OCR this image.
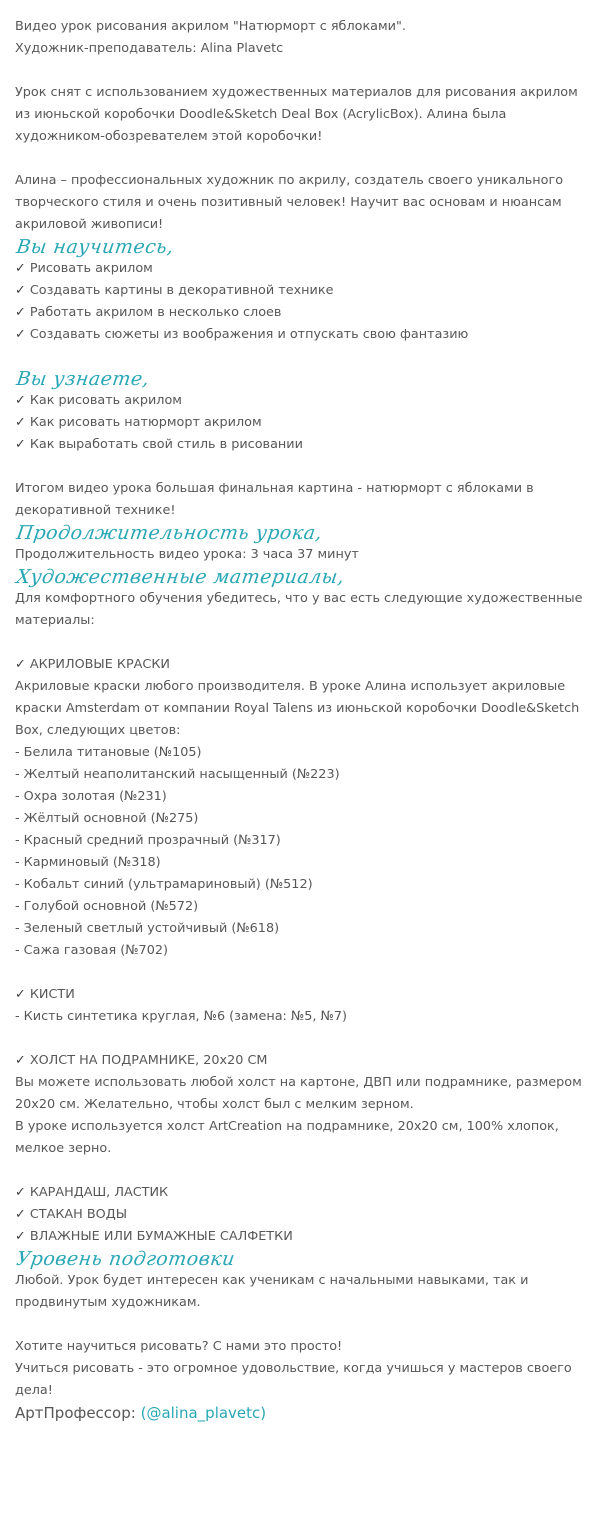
Видео урок рисования акрилом "Натюрморт с яблоками".
Художник-преподаватель: Alina Plavetc
Урок снят с использованием художественных материалов для рисования акрилом
из июньской коробочки Doodle&Sketch Deal Box (AcrylicBox). Алина была
художником-обозревателем этой коробочки!
Алина – профессиональных художник по акрилу, создатель своего уникального
творческого стиля и очень позитивный человек! Научит вас основам и нюансам
акриловой живописи!
Вы научитесь,
✓ Рисовать акрилом
✓ Создавать картины в декоративной технике
✓ Работать акрилом в несколько слоев
✓ Создавать сюжеты из воображения и отпускать свою фантазию
Вы узнаете,
✓ Как рисовать акрилом
✓ Как рисовать натюрморт акрилом
✓ Как выработать свой стиль в рисовании
Итогом видео урока большая финальная картина - натюрморт с яблоками в
декоративной технике!
Продолжительность урока,
Продолжительность видео урока: 3 часа 37 минут
Художественные материалы,
Для комфортного обучения убедитесь, что у вас есть следующие художественные
материалы:
✓ АКРИЛОВЫЕ КРАСКИ
Акриловые краски любого производителя. В уроке Алина использует акриловые
краски Amsterdam от компании Royal Talens из июньской коробочки Doodle&Sketch
Box, следующих цветов:
- Белила титановые (№105)
- Желтый неаполитанский насыщенный (№223)
- Охра золотая (№231)
- Жёлтый основной (№275)
- Красный средний прозрачный (№317)
- Карминовый (№318)
- Кобальт синий (ультрамариновый) (№512)
- Голубой основной (№572)
- Зеленый светлый устойчивый (№618)
- Сажа газовая (№702)
✓ КИСТИ
- Кисть синтетика круглая, №6 (замена: №5, №7)
✓ ХОЛСТ НА ПОДРАМНИКЕ, 20х20 СМ
Вы можете использовать любой холст на картоне, ДВП или подрамнике, размером
20х20 см. Желательно, чтобы холст был с мелким зерном.
В уроке используется холст ArtCreation на подрамнике, 20х20 см, 100% хлопок,
мелкое зерно.
✓ КАРАНДАШ, ЛАСТИК
✓ СТАКАН ВОДЫ
✓ ВЛАЖНЫЕ ИЛИ БУМАЖНЫЕ САЛФЕТКИ
Уровень подготовки
Любой. Урок будет интересен как ученикам с начальными навыками, так и
продвинутым художникам.
Хотите научиться рисовать? С нами это просто!
Учиться рисовать - это огромное удовольствие, когда учишься у мастеров своего
дела!
АртПрофессор: (@alina_plavetc)
